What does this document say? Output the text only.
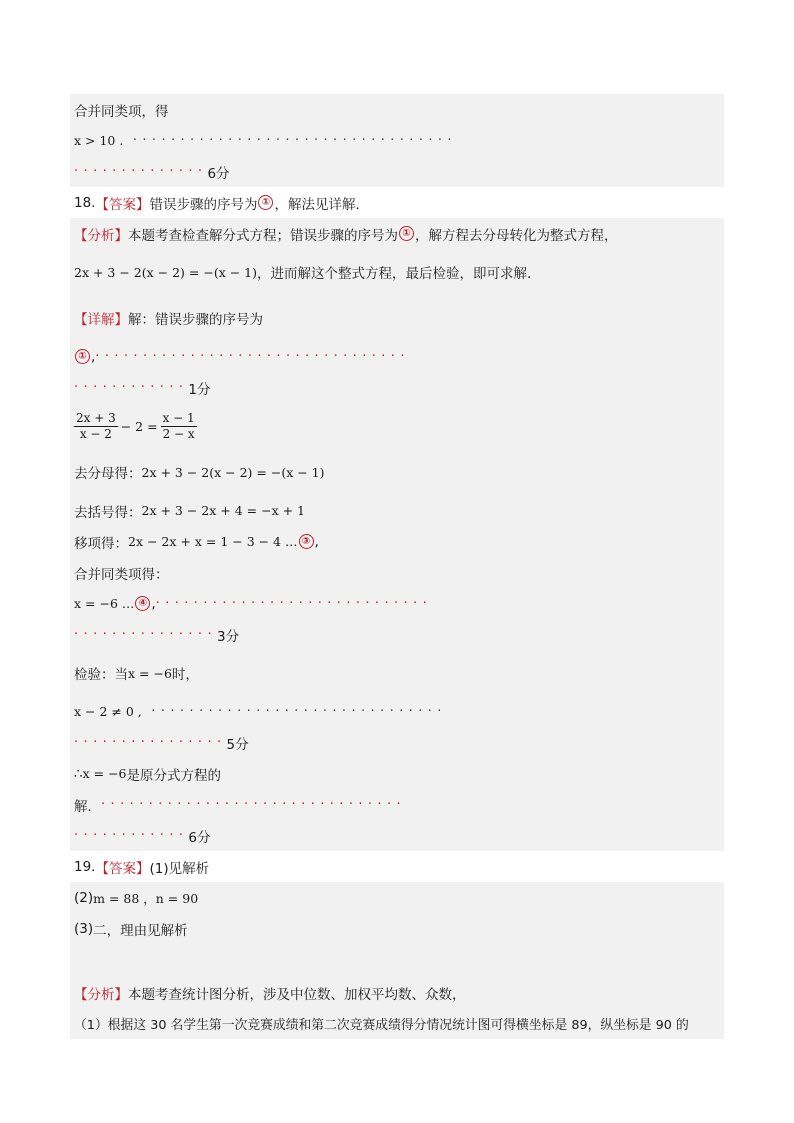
合并同类项，得
x > 10 . ··································
·············· 6分
18. 【答案】 错误步骤的序号为 ① ，解法见详解．
【分析】 本题考查检查解分式方程；错误步骤的序号为 ① ，解方程去分母转化为整式方程，
2x + 3 − 2(x − 2) = −(x − 1) ，进而解这个整式方程，最后检验，即可求解．
【详解】 解：错误步骤的序号为
① , ·································
············ 1分
$\frac{2x + 3}{x - 2} - 2 = \frac{x - 1}{2 - x}$
去分母得： 2x + 3 − 2(x − 2) = −(x − 1)
去括号得： 2x + 3 − 2x + 4 = −x + 1
移项得： 2x − 2x + x = 1 − 3 − 4 … ③ ,
合并同类项得：
x = −6 … ④ , ·····························
··············· 3分
检验：当 x = −6 时，
x − 2 ≠ 0 , ·······························
················ 5分
∴ x = −6 是原分式方程的
解． ································
············ 6分
19. 【答案】 (1)见解析
(2) m = 88 ，n = 90
(3) 二，理由见解析
【分析】 本题考查统计图分析，涉及中位数、加权平均数、众数，
（1）根据这 30 名学生第一次竞赛成绩和第二次竞赛成绩得分情况统计图可得横坐标是 89，纵坐标是 90 的
